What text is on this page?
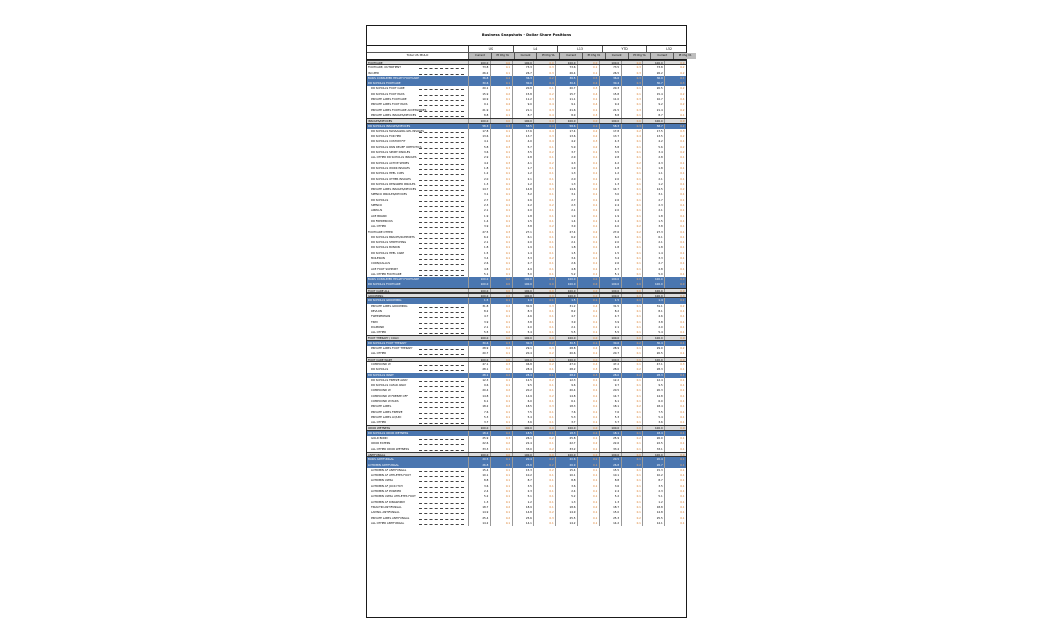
Business Snapshots - Dollar Share Positions
US	L4	L13	YTD	L52
Current	Pt Chg YA	Current	Pt Chg YA	Current	Pt Chg YA	Current	Pt Chg YA	Current	Pt Chg YA
Total US MULO
FOOTCARE	100.0	0.0	100.0	0.0	100.0	0.0	100.0	0.0	100.0	0.0
FOOTCARE, OUTPATIENT	73.8	0.1	73.3	0.3	73.6	0.1	73.5	0.3	73.8	0.2
ISO-PED	26.2	0.1	26.7	0.3	26.4	0.1	26.5	0.3	26.2	0.2
BASIS CONSUMER HEALTH FOOTCARE	36.8	0.4	36.3	0.2	36.5	0.5	36.6	0.3	36.9	0.1
DR SCHOLLS FOOTCARE	30.6	0.1	30.0	0.4	30.4	0.2	30.4	0.3	30.7	0.3
DR SCHOLLS FOOT CARE	20.1	0.3	20.8	0.1	20.7	0.3	20.3	0.1	20.5	0.2
DR SCHOLLS FOOT PADS	15.9	0.2	15.8	0.2	15.7	0.4	15.8	0.1	15.4	0.2
PRIVATE LABEL FOOTCARE	10.9	0.1	11.2	0.3	11.1	0.1	11.0	0.3	10.7	0.4
PRIVATE LABEL FOOT PADS	9.1	0.4	9.0	0.4	9.1	0.4	9.4	0.1	9.2	0.2
PRIVATE LABEL FOOTCARE ACCESSORIES	21.9	0.2	21.1	0.3	21.6	0.1	21.5	0.3	21.4	0.2
PRIVATE LABEL INSOLES/DEVICES	8.8	0.1	8.7	0.4	8.9	0.3	8.8	0.1	8.7	0.1
INSOLES/DEVICES	100.0	0.0	100.0	0.0	100.0	0.0	100.0	0.0	100.0	0.0
DR SCHOLLS INSOLES/DEVICES	58.3	0.3	58.5	0.4	58.6	0.1	58.3	0.3	58.7	0.2
DR SCHOLLS MASSAGING GEL INSOLES	17.8	0.1	17.6	0.4	17.4	0.2	17.8	0.2	17.5	0.3
DR SCHOLLS FOR HER	13.6	0.4	13.7	0.3	13.6	0.2	13.7	0.4	13.5	0.2
DR SCHOLLS CUSTOM FIT	4.1	0.2	4.0	0.4	4.2	0.3	4.3	0.1	4.2	0.1
DR SCHOLLS PAIN RELIEF ORTHOTICS	5.8	0.3	5.7	0.1	5.9	0.2	5.8	0.1	5.6	0.2
DR SCHOLLS SPORT INSOLES	3.6	0.1	3.5	0.2	3.7	0.1	3.5	0.1	3.4	0.2
ALL OTHER DR SCHOLLS INSOLES	2.9	0.1	2.8	0.1	2.9	0.1	2.8	0.1	2.8	0.1
DR SCHOLLS ACTIVE SERIES	4.2	0.3	4.1	0.2	4.3	0.1	4.2	0.2	4.3	0.1
DR SCHOLLS WORK INSOLES	1.8	0.1	1.7	0.1	1.9	0.1	1.8	0.1	1.8	0.1
DR SCHOLLS HEEL CUPS	1.2	0.1	1.2	0.1	1.3	0.1	1.2	0.1	1.1	0.1
DR SCHOLLS OTHER INSOLES	2.0	0.1	2.1	0.1	2.0	0.1	2.0	0.1	2.1	0.1
DR SCHOLLS DESIGNER INSOLES	1.3	0.1	1.2	0.1	1.3	0.1	1.3	0.1	1.2	0.1
PRIVATE LABEL INSOLES/DEVICES	14.7	0.2	14.8	0.3	14.6	0.2	14.7	0.1	14.5	0.2
SPENCO INSOLES/DEVICES	3.1	0.1	3.2	0.1	3.1	0.1	3.0	0.1	3.1	0.1
DR SCHOLLS	2.7	0.2	2.6	0.1	2.7	0.1	2.6	0.1	2.7	0.1
SPENCO	2.3	0.1	2.2	0.2	2.3	0.1	2.4	0.1	2.3	0.1
AIRPLUS	2.1	0.1	2.0	0.1	2.1	0.1	2.0	0.1	2.1	0.1
ACE BRAND	1.9	0.1	1.8	0.1	1.9	0.1	1.9	0.1	1.8	0.1
DR FREDERICKS	1.4	0.1	1.5	0.1	1.4	0.1	1.4	0.1	1.5	0.1
ALL OTHER	3.9	0.2	3.8	0.2	3.9	0.1	4.0	0.2	3.8	0.1
FOOTCARE OTHER	27.5	0.3	27.1	0.1	27.4	0.2	27.6	0.2	27.3	0.1
DR SCHOLLS BRACES/SUPPORTS	6.2	0.1	6.1	0.1	6.2	0.1	6.2	0.1	6.1	0.1
DR SCHOLLS STRETCHING	2.1	0.1	2.0	0.1	2.1	0.1	2.0	0.1	2.1	0.1
DR SCHOLLS BUNION	1.8	0.1	1.9	0.1	1.8	0.1	1.8	0.1	1.8	0.1
DR SCHOLLS HEEL CARE	1.5	0.1	1.4	0.1	1.5	0.1	1.5	0.1	1.4	0.1
MOLESKIN	3.4	0.1	3.3	0.2	3.4	0.1	3.4	0.1	3.3	0.1
CORN/CALLUS	2.6	0.1	2.7	0.1	2.6	0.1	2.6	0.1	2.7	0.1
ACE FOOT SUPPORT	4.8	0.2	4.9	0.1	4.8	0.1	4.7	0.1	4.8	0.1
ALL OTHER FOOTCARE	5.1	0.1	5.0	0.1	5.2	0.1	5.1	0.1	5.0	0.1
BASIS CONSUMER HEALTH FOOTCARE	100.0	0.0	100.0	0.0	100.0	0.0	100.0	0.0	100.0	0.0
DR SCHOLLS FOOTCARE	100.0	0.0	100.0	0.0	100.0	0.0	100.0	0.0	100.0	0.0
FOOT CARE ALL	100.0	0.0	100.0	0.0	100.0	0.0	100.0	0.0	100.0	0.0
GROOMING	100.0	0.0	100.0	0.0	100.0	0.0	100.0	0.0	100.0	0.0
DR SCHOLLS GROOMING	1.5	0.1	1.4	0.1	1.5	0.1	1.5	0.1	1.4	0.1
PRIVATE LABEL GROOMING	31.8	0.2	30.9	0.3	31.2	0.4	31.5	0.1	31.1	0.2
REVLON	8.2	0.1	8.3	0.1	8.2	0.1	8.2	0.1	8.1	0.1
TWEEZERMAN	4.7	0.1	4.6	0.1	4.7	0.1	4.7	0.1	4.6	0.1
TRIM	3.9	0.1	3.8	0.1	3.9	0.1	3.9	0.1	3.8	0.1
DIAMOND	2.1	0.1	2.0	0.1	2.1	0.1	2.1	0.1	2.0	0.1
ALL OTHER	5.5	0.2	5.4	0.1	5.5	0.1	5.5	0.1	5.4	0.1
FOOT THERAPY / COLD	100.0	0.0	100.0	0.0	100.0	0.0	100.0	0.0	100.0	0.0
DR SCHOLLS FOOT THERAPY	30.6	0.3	30.3	0.2	30.5	0.1	30.6	0.2	30.4	0.1
PRIVATE LABEL FOOT THERAPY	28.9	0.2	29.1	0.3	28.8	0.2	28.9	0.1	29.0	0.2
ALL OTHER	20.7	0.1	20.4	0.2	20.6	0.1	20.7	0.1	20.5	0.1
FOOT CARE WART	100.0	0.0	100.0	0.0	100.0	0.0	100.0	0.0	100.0	0.0
COMPOUND W	47.1	0.3	46.8	0.2	47.0	0.4	47.2	0.1	47.1	0.3
DR SCHOLLS	28.1	0.2	28.4	0.1	28.2	0.3	28.0	0.2	28.3	0.1
DR SCHOLLS WART	28.1	0.2	28.4	0.1	28.2	0.3	28.0	0.2	28.3	0.1
DR SCHOLLS FREEZE AWAY	12.3	0.1	12.5	0.2	12.3	0.1	12.2	0.1	12.4	0.1
DR SCHOLLS CLEAR AWAY	9.6	0.1	9.5	0.1	9.6	0.1	9.7	0.1	9.5	0.1
COMPOUND W	20.4	0.2	20.2	0.1	20.4	0.1	20.5	0.1	20.3	0.1
COMPOUND W FREEZE OFF	14.8	0.1	14.9	0.2	14.8	0.1	14.7	0.1	14.8	0.1
COMPOUND W PADS	6.1	0.1	6.0	0.1	6.1	0.1	6.1	0.1	6.0	0.1
PRIVATE LABEL	18.2	0.2	18.5	0.3	18.3	0.1	18.1	0.2	18.4	0.1
PRIVATE LABEL FREEZE	7.6	0.1	7.5	0.1	7.6	0.1	7.6	0.1	7.5	0.1
PRIVATE LABEL LIQUID	5.3	0.1	5.4	0.1	5.3	0.1	5.3	0.1	5.4	0.1
ALL OTHER	3.7	0.1	3.6	0.1	3.7	0.1	3.7	0.1	3.6	0.1
ODOR WETNESS	100.0	0.0	100.0	0.0	100.0	0.0	100.0	0.0	100.0	0.0
DR SCHOLLS ODOR WETNESS	18.2	0.2	18.5	0.1	18.3	0.2	18.1	0.1	18.4	0.1
GOLD BOND	25.9	0.3	26.1	0.2	25.8	0.1	25.9	0.2	26.0	0.1
ODOR EATERS	22.6	0.2	22.4	0.1	22.7	0.2	22.6	0.1	22.5	0.1
ALL OTHER ODOR WETNESS	33.3	0.1	33.0	0.2	33.2	0.1	33.4	0.1	33.1	0.1
ANTIFUNGAL	100.0	0.0	100.0	0.0	100.0	0.0	100.0	0.0	100.0	0.0
BASIS ANTIFUNGAL	20.5	0.1	20.4	0.2	20.6	0.1	20.5	0.1	20.4	0.1
LOTRIMIN ANTIFUNGAL	26.8	0.3	26.6	0.2	26.9	0.1	26.8	0.2	26.7	0.1
LOTRIMIN AF ANTIFUNGAL	15.4	0.1	15.3	0.2	15.4	0.1	15.5	0.1	15.3	0.1
LOTRIMIN AF ATHLETES FOOT	10.1	0.1	10.2	0.1	10.1	0.1	10.1	0.1	10.2	0.1
LOTRIMIN ULTRA	8.8	0.1	8.7	0.1	8.8	0.1	8.8	0.1	8.7	0.1
LOTRIMIN AF JOCK ITCH	3.6	0.1	3.5	0.1	3.6	0.1	3.6	0.1	3.5	0.1
LOTRIMIN AF POWDER	2.4	0.1	2.3	0.1	2.4	0.1	2.4	0.1	2.3	0.1
LOTRIMIN ULTRA ATHLETES FOOT	5.2	0.1	5.1	0.1	5.2	0.1	5.2	0.1	5.1	0.1
LOTRIMIN AF RINGWORM	1.3	0.1	1.2	0.1	1.3	0.1	1.3	0.1	1.2	0.1
TINACTIN ANTIFUNGAL	18.7	0.2	18.9	0.1	18.6	0.2	18.7	0.1	18.8	0.1
LAMISIL ANTIFUNGAL	14.9	0.1	14.8	0.2	14.9	0.1	15.0	0.1	14.8	0.1
PRIVATE LABEL ANTIFUNGAL	25.4	0.2	25.6	0.3	25.5	0.1	25.3	0.2	25.5	0.1
ALL OTHER ANTIFUNGAL	14.2	0.1	14.1	0.1	14.2	0.1	14.2	0.1	14.1	0.1
